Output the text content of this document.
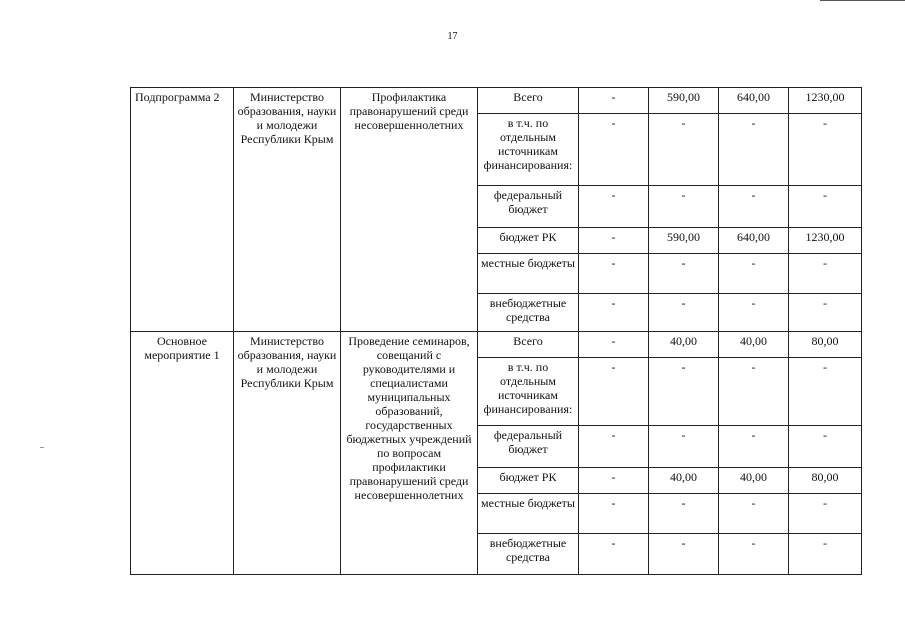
17
Подпрограмма 2	Министерство образования, науки и молодежи Республики Крым	Профилактика правонарушений среди несовершеннолетних	Всего	-	590,00	640,00	1230,00
			в т.ч. по отдельным источникам финансирования:	-	-	-	-
			федеральный бюджет	-	-	-	-
			бюджет РК	-	590,00	640,00	1230,00
			местные бюджеты	-	-	-	-
			внебюджетные средства	-	-	-	-
Основное мероприятие 1	Министерство образования, науки и молодежи Республики Крым	Проведение семинаров, совещаний с руководителями и специалистами муниципальных образований, государственных бюджетных учреждений по вопросам профилактики правонарушений среди несовершеннолетних	Всего	-	40,00	40,00	80,00
			в т.ч. по отдельным источникам финансирования:	-	-	-	-
			федеральный бюджет	-	-	-	-
			бюджет РК	-	40,00	40,00	80,00
			местные бюджеты	-	-	-	-
			внебюджетные средства	-	-	-	-
